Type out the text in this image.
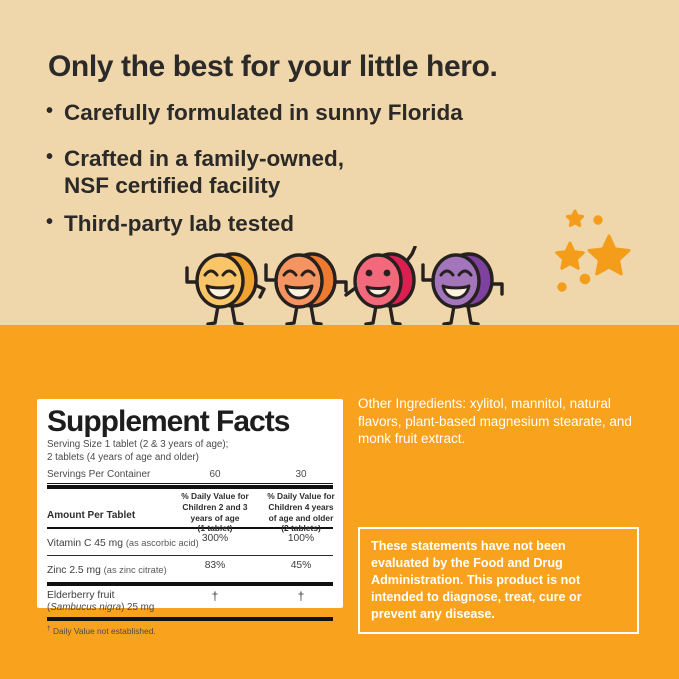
Only the best for your little hero.
• Carefully formulated in sunny Florida
• Crafted in a family-owned,
NSF certified facility
• Third-party lab tested
Supplement Facts
Serving Size 1 tablet (2 & 3 years of age);
2 tablets (4 years of age and older)
Servings Per Container	60	30
Amount Per Tablet
% Daily Value for
Children 2 and 3
years of age
(1 tablet)
% Daily Value for
Children 4 years
of age and older
(2 tablets)
Vitamin C 45 mg (as ascorbic acid) 300%	100%
Zinc 2.5 mg (as zinc citrate)	83%	45%
Elderberry fruit
(Sambucus nigra) 25 mg
†	†
† Daily Value not established.
Other Ingredients: xylitol, mannitol, natural flavors, plant-based magnesium stearate, and monk fruit extract.
These statements have not been evaluated by the Food and Drug Administration. This product is not intended to diagnose, treat, cure or prevent any disease.
